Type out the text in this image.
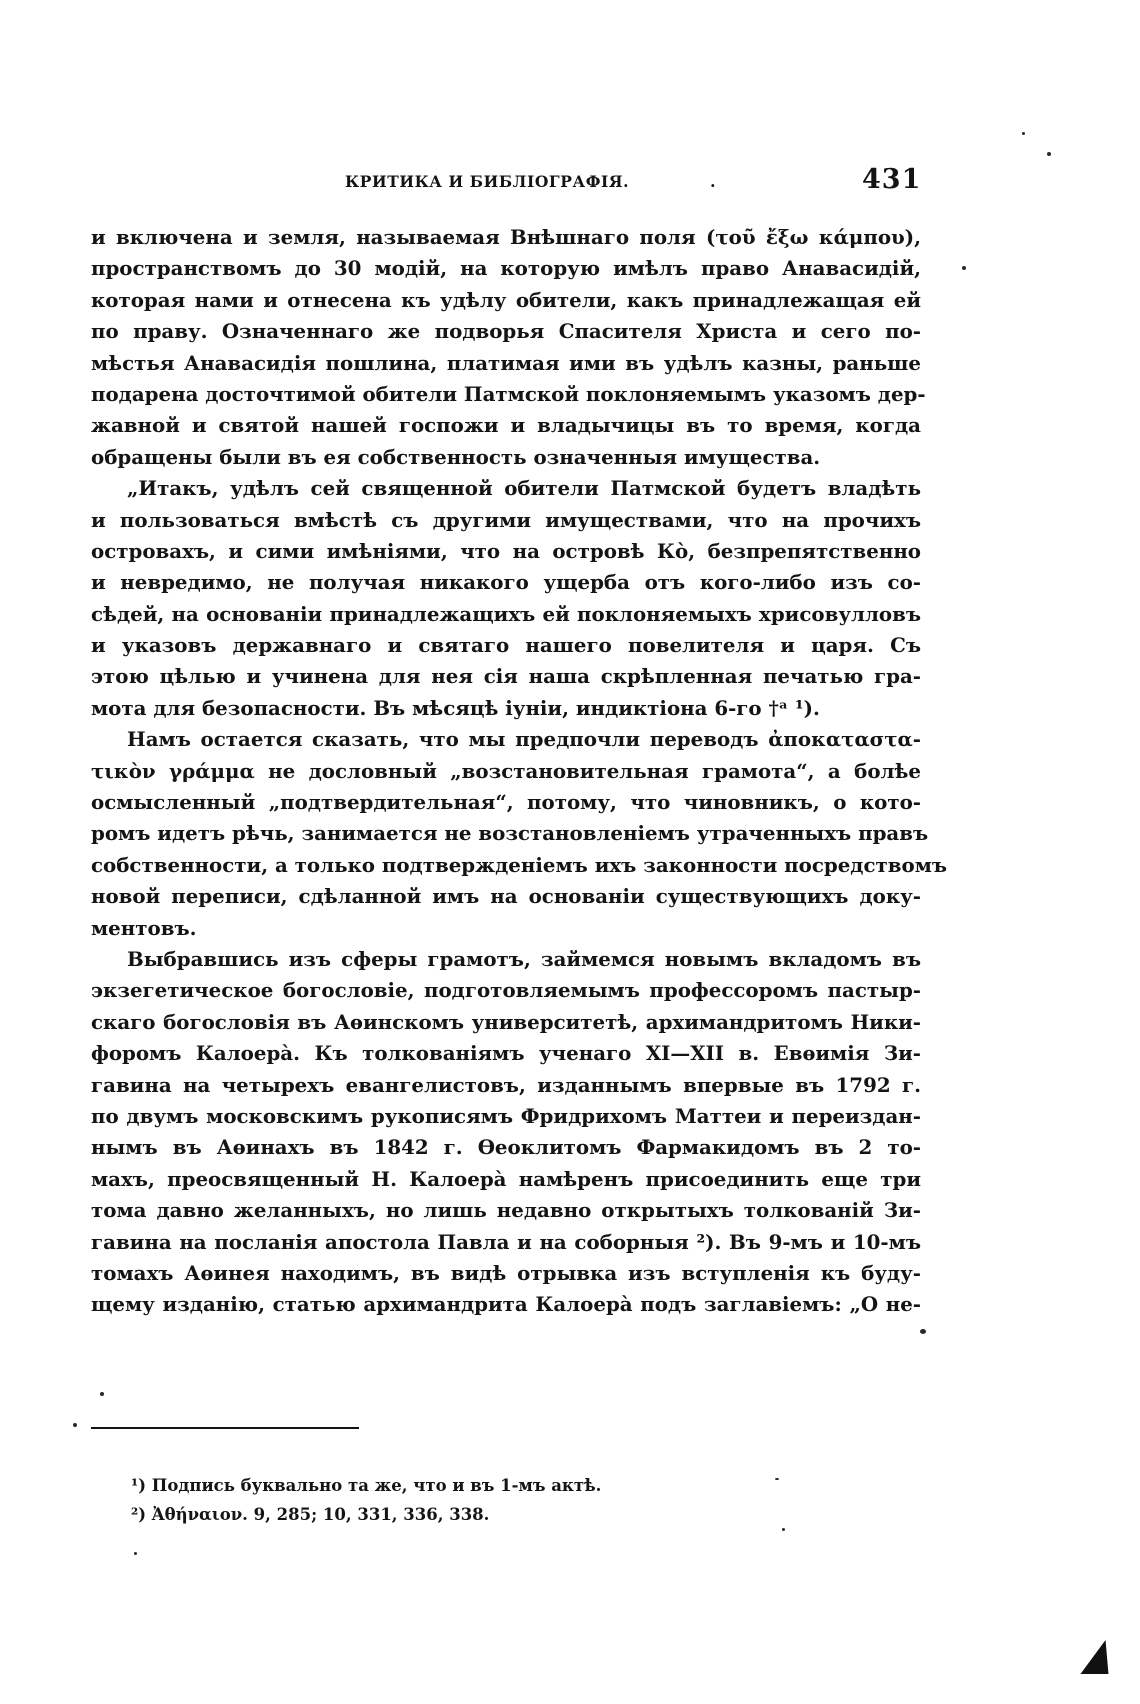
КРИТИКА И БИБЛІОГРАФІЯ.	.	431
и включена и земля, называемая Внѣшнаго поля (τοῦ ἔξω κάμπου),
пространствомъ до 30 модій, на которую имѣлъ право Анавасидій,
которая нами и отнесена къ удѣлу обители, какъ принадлежащая ей
по праву. Означеннаго же подворья Спасителя Христа и сего по-
мѣстья Анавасидія пошлина, платимая ими въ удѣлъ казны, раньше
подарена досточтимой обители Патмской поклоняемымъ указомъ дер-
жавной и святой нашей госпожи и владычицы въ то время, когда
обращены были въ ея собственность означенныя имущества.
„Итакъ, удѣлъ сей священной обители Патмской будетъ владѣть
и пользоваться вмѣстѣ съ другими имуществами, что на прочихъ
островахъ, и сими имѣніями, что на островѣ Кὸ, безпрепятственно
и невредимо, не получая никакого ущерба отъ кого-либо изъ со-
сѣдей, на основаніи принадлежащихъ ей поклоняемыхъ хрисовулловъ
и указовъ державнаго и святаго нашего повелителя и царя. Съ
этою цѣлью и учинена для нея сія наша скрѣпленная печатью гра-
мота для безопасности. Въ мѣсяцѣ іуніи, индиктіона 6-го †ᵃ ¹).
Намъ остается сказать, что мы предпочли переводъ ἀποκαταστα-
τικὸν γράμμα не дословный „возстановительная грамота“, а болѣе
осмысленный „подтвердительная“, потому, что чиновникъ, о кото-
ромъ идетъ рѣчь, занимается не возстановленіемъ утраченныхъ правъ
собственности, а только подтвержденіемъ ихъ законности посредствомъ
новой переписи, сдѣланной имъ на основаніи существующихъ доку-
ментовъ.
Выбравшись изъ сферы грамотъ, займемся новымъ вкладомъ въ
экзегетическое богословіе, подготовляемымъ профессоромъ пастыр-
скаго богословія въ Аѳинскомъ университетѣ, архимандритомъ Ники-
форомъ Калоерà. Къ толкованіямъ ученаго XI—XII в. Евѳимія Зи-
гавина на четырехъ евангелистовъ, изданнымъ впервые въ 1792 г.
по двумъ московскимъ рукописямъ Фридрихомъ Маттеи и переиздан-
нымъ въ Аѳинахъ въ 1842 г. Ѳеоклитомъ Фармакидомъ въ 2 то-
махъ, преосвященный Н. Калоерà намѣренъ присоединить еще три
тома давно желанныхъ, но лишь недавно открытыхъ толкованій Зи-
гавина на посланія апостола Павла и на соборныя ²). Въ 9-мъ и 10-мъ
томахъ Аѳинея находимъ, въ видѣ отрывка изъ вступленія къ буду-
щему изданію, статью архимандрита Калоерà подъ заглавіемъ: „О не-
¹) Подпись буквально та же, что и въ 1-мъ актѣ.
²) Ἀθήναιον. 9, 285; 10, 331, 336, 338.
